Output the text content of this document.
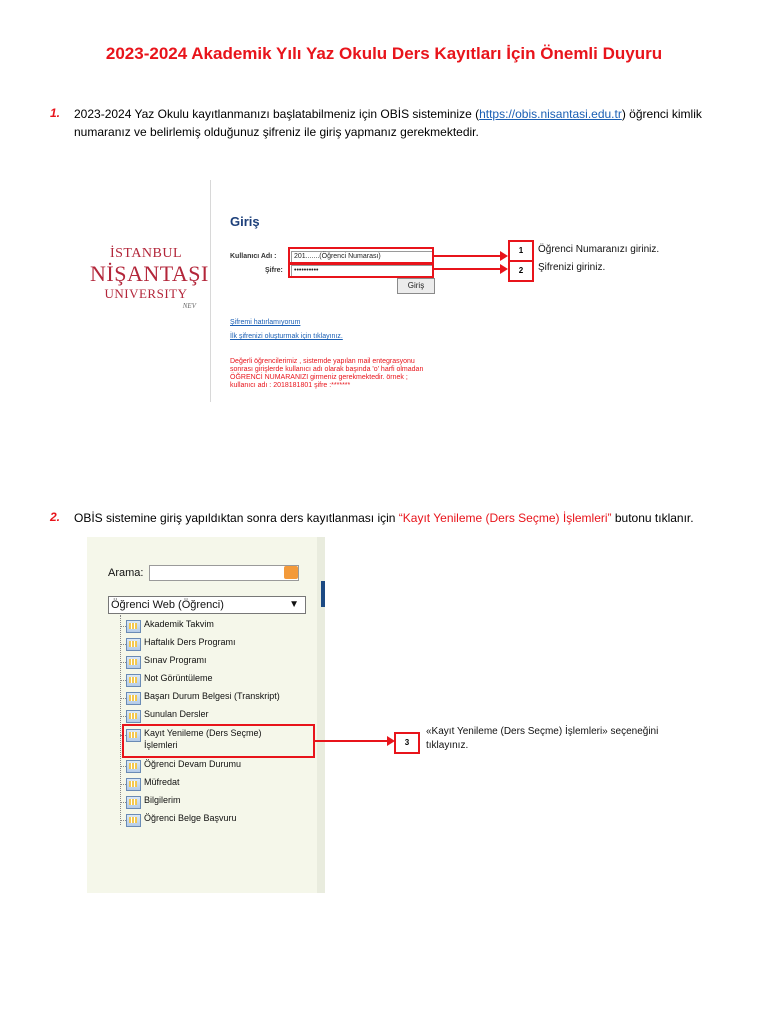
2023-2024 Akademik Yılı Yaz Okulu Ders Kayıtları İçin Önemli Duyuru
1. 2023-2024 Yaz Okulu kayıtlanmanızı başlatabilmeniz için OBİS sisteminize (https://obis.nisantasi.edu.tr) öğrenci kimlik numaranız ve belirlemiş olduğunuz şifreniz ile giriş yapmanız gerekmektedir.
İSTANBUL
NİŞANTAŞI
UNIVERSITY
NEV
Giriş
Kullanıcı Adı :	201.......(Öğrenci Numarası)
Şifre:	••••••••••
Giriş
Şifremi hatırlamıyorum
İlk şifrenizi oluşturmak için tıklayınız.
Değerli öğrencilerimiz , sistemde yapılan mail entegrasyonu sonrası girişlerde kullanıcı adı olarak başında 'o' harfi olmadan ÖĞRENCİ NUMARANIZI girmeniz gerekmektedir. örnek ; kullanıcı adı : 2018181801 şifre :*******
1	Öğrenci Numaranızı giriniz.
2	Şifrenizi giriniz.
2. OBİS sistemine giriş yapıldıktan sonra ders kayıtlanması için “Kayıt Yenileme (Ders Seçme) İşlemleri” butonu tıklanır.
Arama:
Öğrenci Web (Öğrenci)	▼
Akademik Takvim
Haftalık Ders Programı
Sınav Programı
Not Görüntüleme
Başarı Durum Belgesi (Transkript)
Sunulan Dersler
Kayıt Yenileme (Ders Seçme) İşlemleri
Öğrenci Devam Durumu
Müfredat
Bilgilerim
Öğrenci Belge Başvuru
3
«Kayıt Yenileme (Ders Seçme) İşlemleri» seçeneğini tıklayınız.
